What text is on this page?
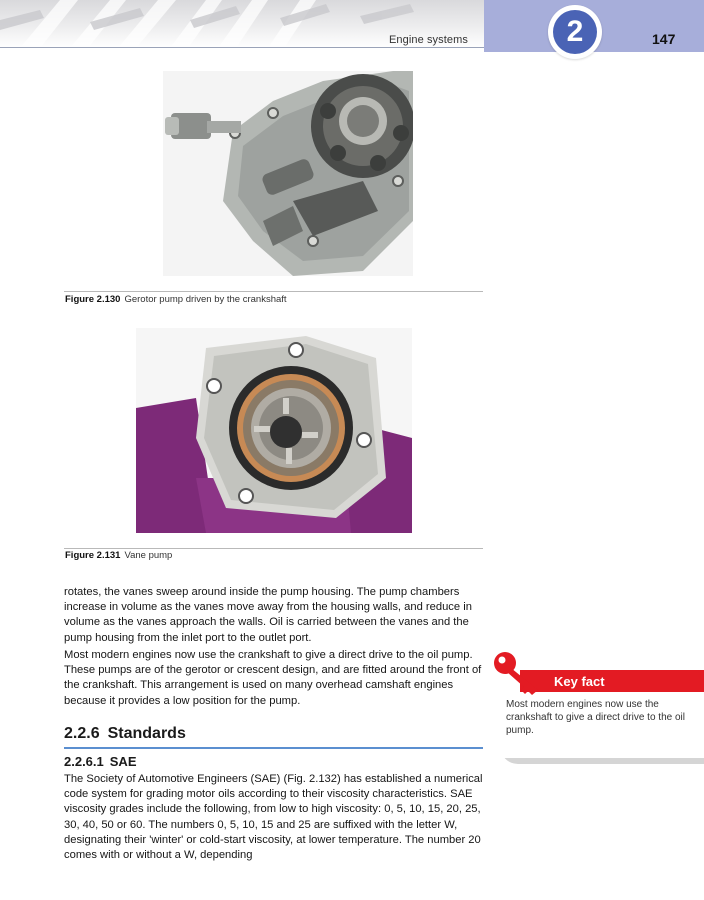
Engine systems	2	147
Figure 2.130 Gerotor pump driven by the crankshaft
Figure 2.131 Vane pump

rotates, the vanes sweep around inside the pump housing. The pump chambers increase in volume as the vanes move away from the housing walls, and reduce in volume as the vanes approach the walls. Oil is carried between the vanes and the pump housing from the inlet port to the outlet port.

Most modern engines now use the crankshaft to give a direct drive to the oil pump. These pumps are of the gerotor or crescent design, and are fitted around the front of the crankshaft. This arrangement is used on many overhead camshaft engines because it provides a low position for the pump.

2.2.6 Standards
2.2.6.1 SAE

The Society of Automotive Engineers (SAE) (Fig. 2.132) has established a numerical code system for grading motor oils according to their viscosity characteristics. SAE viscosity grades include the following, from low to high viscosity: 0, 5, 10, 15, 20, 25, 30, 40, 50 or 60. The numbers 0, 5, 10, 15 and 25 are suffixed with the letter W, designating their 'winter' or cold-start viscosity, at lower temperature. The number 20 comes with or without a W, depending

Key fact

Most modern engines now use the crankshaft to give a direct drive to the oil pump.
